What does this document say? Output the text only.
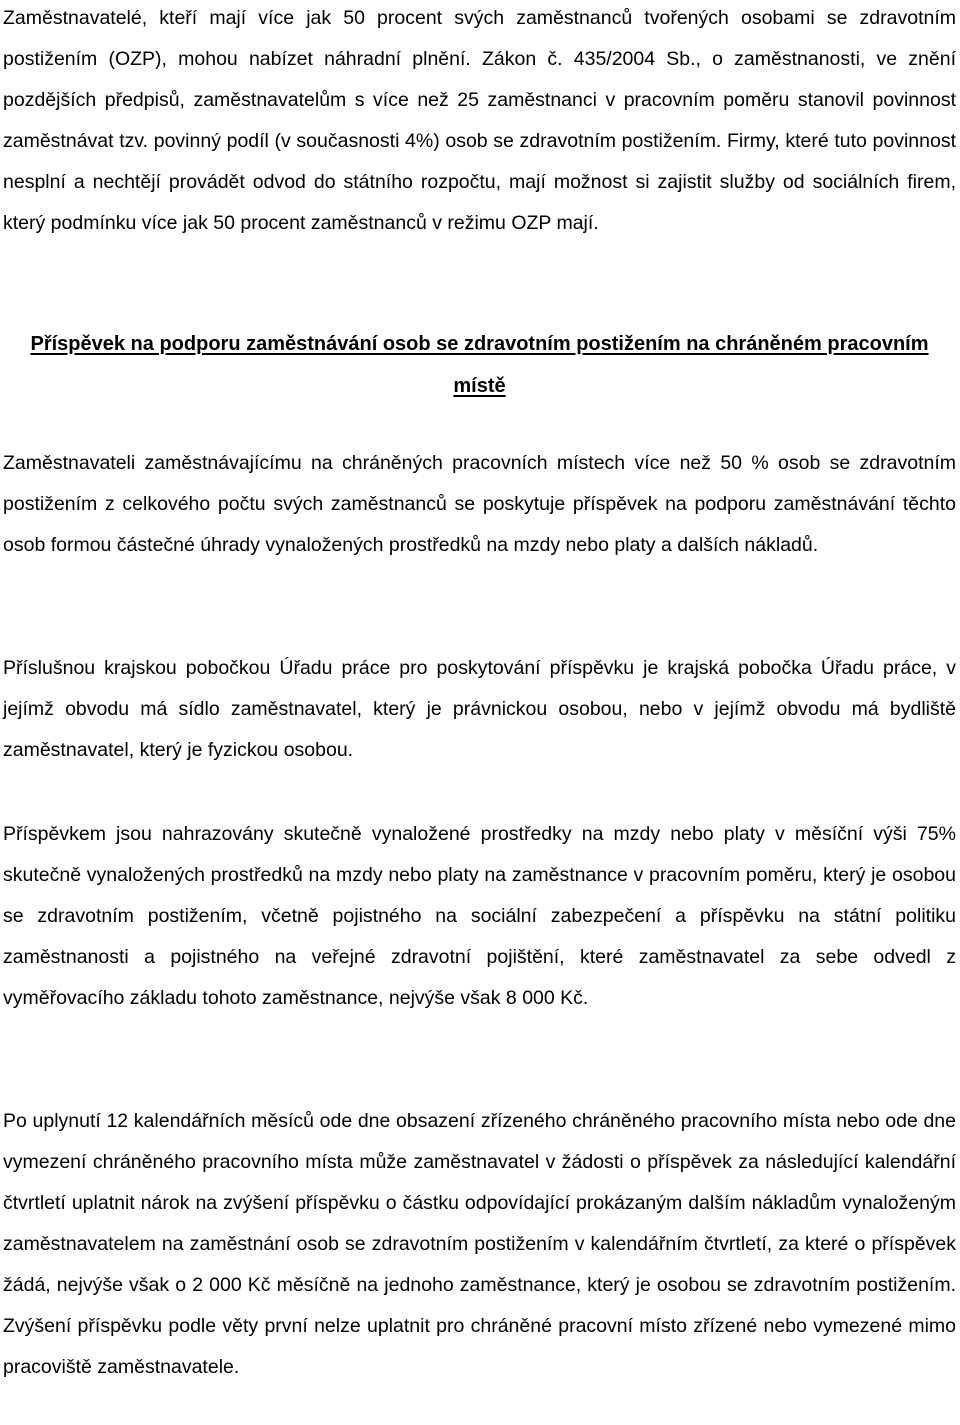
Zaměstnavatelé, kteří mají více jak 50 procent svých zaměstnanců tvořených osobami se zdravotním postižením (OZP), mohou nabízet náhradní plnění. Zákon č. 435/2004 Sb., o zaměstnanosti, ve znění pozdějších předpisů, zaměstnavatelům s více než 25 zaměstnanci v pracovním poměru stanovil povinnost zaměstnávat tzv. povinný podíl (v současnosti 4%) osob se zdravotním postižením. Firmy, které tuto povinnost nesplní a nechtějí provádět odvod do státního rozpočtu, mají možnost si zajistit služby od sociálních firem, který podmínku více jak 50 procent zaměstnanců v režimu OZP mají.

Příspěvek na podporu zaměstnávání osob se zdravotním postižením na chráněném pracovním místě

Zaměstnavateli zaměstnávajícímu na chráněných pracovních místech více než 50 % osob se zdravotním postižením z celkového počtu svých zaměstnanců se poskytuje příspěvek na podporu zaměstnávání těchto osob formou částečné úhrady vynaložených prostředků na mzdy nebo platy a dalších nákladů.

Příslušnou krajskou pobočkou Úřadu práce pro poskytování příspěvku je krajská pobočka Úřadu práce, v jejímž obvodu má sídlo zaměstnavatel, který je právnickou osobou, nebo v jejímž obvodu má bydliště zaměstnavatel, který je fyzickou osobou.

Příspěvkem jsou nahrazovány skutečně vynaložené prostředky na mzdy nebo platy v měsíční výši 75% skutečně vynaložených prostředků na mzdy nebo platy na zaměstnance v pracovním poměru, který je osobou se zdravotním postižením, včetně pojistného na sociální zabezpečení a příspěvku na státní politiku zaměstnanosti a pojistného na veřejné zdravotní pojištění, které zaměstnavatel za sebe odvedl z vyměřovacího základu tohoto zaměstnance, nejvýše však 8 000 Kč.

Po uplynutí 12 kalendářních měsíců ode dne obsazení zřízeného chráněného pracovního místa nebo ode dne vymezení chráněného pracovního místa může zaměstnavatel v žádosti o příspěvek za následující kalendářní čtvrtletí uplatnit nárok na zvýšení příspěvku o částku odpovídající prokázaným dalším nákladům vynaloženým zaměstnavatelem na zaměstnání osob se zdravotním postižením v kalendářním čtvrtletí, za které o příspěvek žádá, nejvýše však o 2 000 Kč měsíčně na jednoho zaměstnance, který je osobou se zdravotním postižením. Zvýšení příspěvku podle věty první nelze uplatnit pro chráněné pracovní místo zřízené nebo vymezené mimo pracoviště zaměstnavatele.
